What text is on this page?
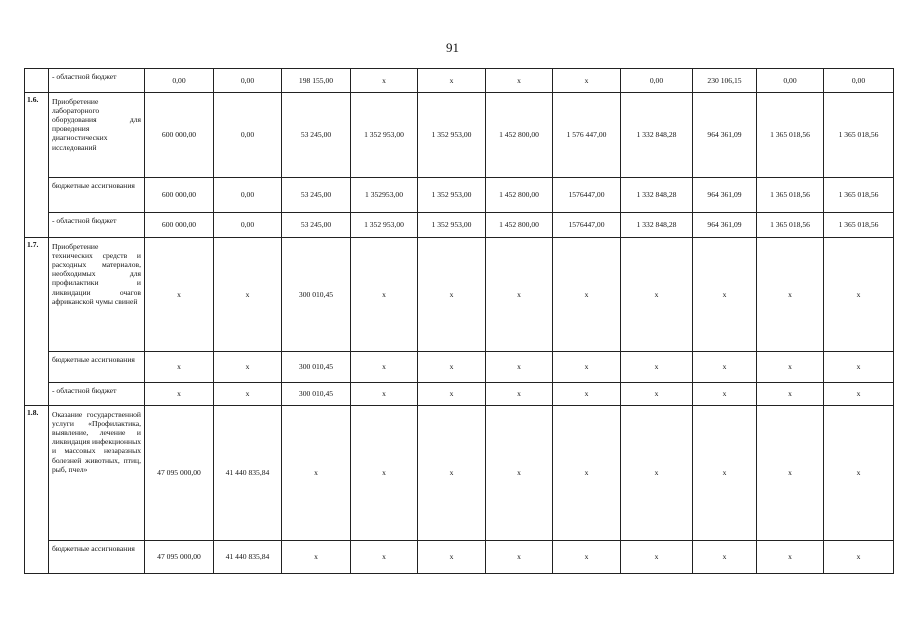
91
	- областной бюджет	0,00	0,00	198 155,00	x	x	x	x	0,00	230 106,15	0,00	0,00
1.6.	Приобретение лабораторного оборудования для проведения диагностических исследований	600 000,00	0,00	53 245,00	1 352 953,00	1 352 953,00	1 452 800,00	1 576 447,00	1 332 848,28	964 361,09	1 365 018,56	1 365 018,56
	бюджетные ассигнования	600 000,00	0,00	53 245,00	1 352953,00	1 352 953,00	1 452 800,00	1576447,00	1 332 848,28	964 361,09	1 365 018,56	1 365 018,56
	- областной бюджет	600 000,00	0,00	53 245,00	1 352 953,00	1 352 953,00	1 452 800,00	1576447,00	1 332 848,28	964 361,09	1 365 018,56	1 365 018,56
1.7.	Приобретение технических средств и расходных материалов, необходимых для профилактики и ликвидации очагов африканской чумы свиней	x	x	300 010,45	x	x	x	x	x	x	x	x
	бюджетные ассигнования	x	x	300 010,45	x	x	x	x	x	x	x	x
	- областной бюджет	x	x	300 010,45	x	x	x	x	x	x	x	x
1.8.	Оказание государственной услуги «Профилактика, выявление, лечение и ликвидация инфекционных и массовых незаразных болезней животных, птиц, рыб, пчел»	47 095 000,00	41 440 835,84	x	x	x	x	x	x	x	x	x
	бюджетные ассигнования	47 095 000,00	41 440 835,84	x	x	x	x	x	x	x	x	x
